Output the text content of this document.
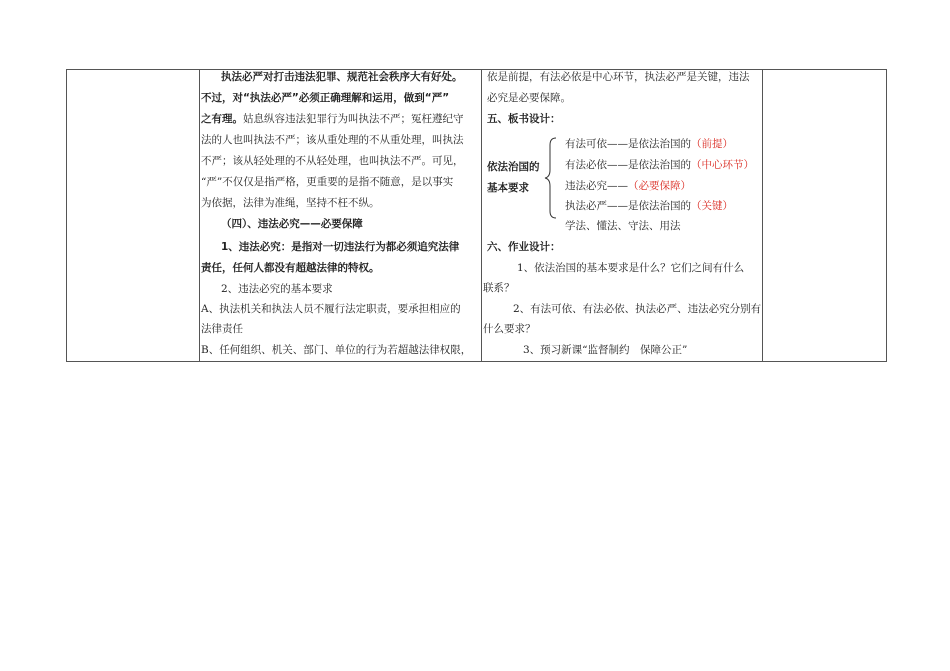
执法必严对打击违法犯罪、规范社会秩序大有好处。
不过，对“执法必严”必须正确理解和运用，做到“严”
之有理。姑息纵容违法犯罪行为叫执法不严；冤枉遵纪守
法的人也叫执法不严；该从重处理的不从重处理，叫执法
不严；该从轻处理的不从轻处理，也叫执法不严。可见，
“严”不仅仅是指严格，更重要的是指不随意，是以事实
为依据，法律为准绳，坚持不枉不纵。
（四）、违法必究——必要保障
1、违法必究：是指对一切违法行为都必须追究法律
责任，任何人都没有超越法律的特权。
2、违法必究的基本要求
A、执法机关和执法人员不履行法定职责，要承担相应的
法律责任
B、任何组织、机关、部门、单位的行为若超越法律权限，
依是前提，有法必依是中心环节，执法必严是关键，违法
必究是必要保障。
五、板书设计：
依法治国的
基本要求
有法可依——是依法治国的（前提）
有法必依——是依法治国的（中心环节）
违法必究——（必要保障）
执法必严——是依法治国的（关键）
学法、懂法、守法、用法
六、作业设计：
1、依法治国的基本要求是什么？它们之间有什么
联系？
2、有法可依、有法必依、执法必严、违法必究分别有
什么要求？
3、预习新课“监督制约　保障公正”
